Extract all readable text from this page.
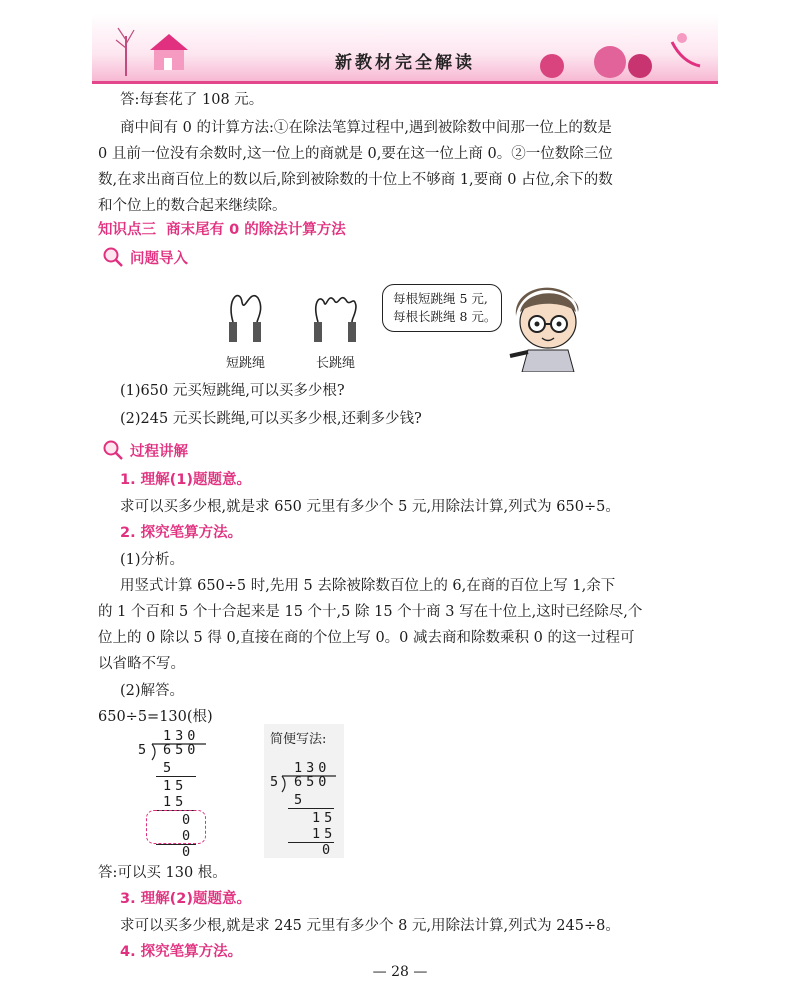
新教材完全解读
答:每套花了 108 元。
商中间有 0 的计算方法:①在除法笔算过程中,遇到被除数中间那一位上的数是
0 且前一位没有余数时,这一位上的商就是 0,要在这一位上商 0。②一位数除三位
数,在求出商百位上的数以后,除到被除数的十位上不够商 1,要商 0 占位,余下的数
和个位上的数合起来继续除。
知识点三  商末尾有 0 的除法计算方法
问题导入
短跳绳	长跳绳
每根短跳绳 5 元,
每根长跳绳 8 元。
(1)650 元买短跳绳,可以买多少根?
(2)245 元买长跳绳,可以买多少根,还剩多少钱?
过程讲解
1. 理解(1)题题意。
求可以买多少根,就是求 650 元里有多少个 5 元,用除法计算,列式为 650÷5。
2. 探究笔算方法。
(1)分析。
用竖式计算 650÷5 时,先用 5 去除被除数百位上的 6,在商的百位上写 1,余下
的 1 个百和 5 个十合起来是 15 个十,5 除 15 个十商 3 写在十位上,这时已经除尽,个
位上的 0 除以 5 得 0,直接在商的个位上写 0。0 减去商和除数乘积 0 的这一过程可
以省略不写。
(2)解答。
650÷5=130(根)
130
5 650
5
15
15
0
0
0
简便写法:
130
5 650
5
15
15
0
答:可以买 130 根。
3. 理解(2)题题意。
求可以买多少根,就是求 245 元里有多少个 8 元,用除法计算,列式为 245÷8。
4. 探究笔算方法。
— 28 —
